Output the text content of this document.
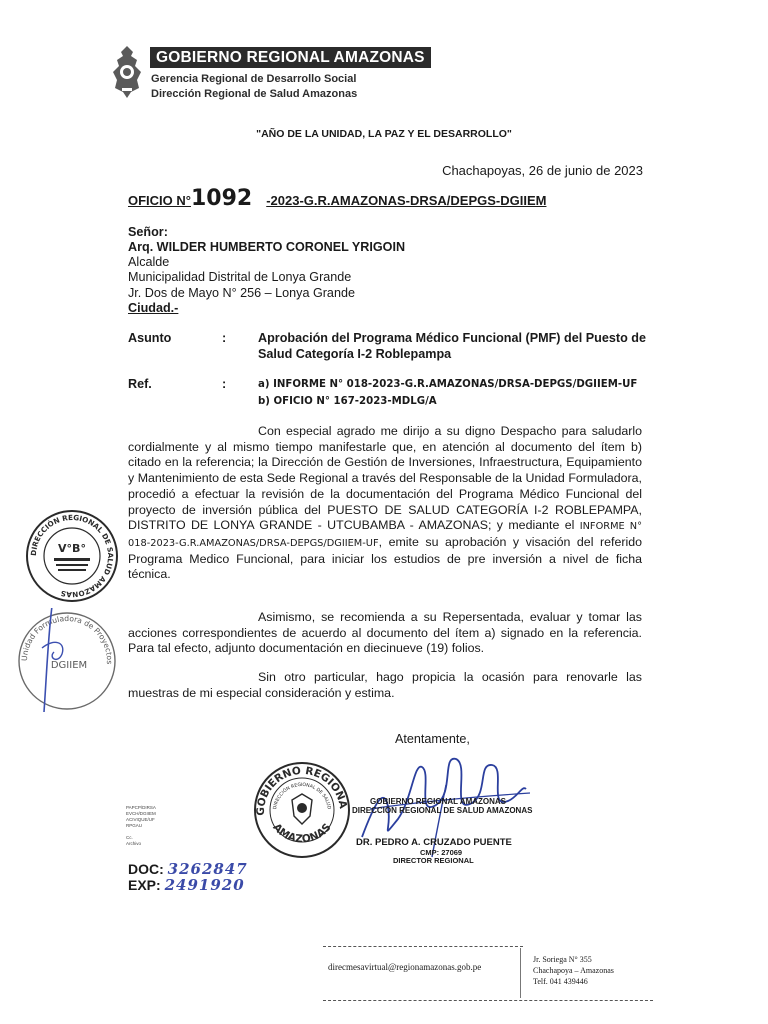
GOBIERNO REGIONAL AMAZONAS
Gerencia Regional de Desarrollo Social
Dirección Regional de Salud Amazonas
"AÑO DE LA UNIDAD, LA PAZ Y EL DESARROLLO"
Chachapoyas, 26 de junio de 2023
OFICIO N°1092 -2023-G.R.AMAZONAS-DRSA/DEPGS-DGIIEM
Señor:
Arq. WILDER HUMBERTO CORONEL YRIGOIN
Alcalde
Municipalidad Distrital de Lonya Grande
Jr. Dos de Mayo N° 256 – Lonya Grande
Ciudad.-
Asunto	:	Aprobación del Programa Médico Funcional (PMF) del Puesto de Salud Categoría I-2 Roblepampa
Ref.	:	a) INFORME N° 018-2023-G.R.AMAZONAS/DRSA-DEPGS/DGIIEM-UF
b) OFICIO N° 167-2023-MDLG/A
Con especial agrado me dirijo a su digno Despacho para saludarlo cordialmente y al mismo tiempo manifestarle que, en atención al documento del ítem b) citado en la referencia; la Dirección de Gestión de Inversiones, Infraestructura, Equipamiento y Mantenimiento de esta Sede Regional a través del Responsable de la Unidad Formuladora, procedió a efectuar la revisión de la documentación del Programa Médico Funcional del proyecto de inversión pública del PUESTO DE SALUD CATEGORÍA I-2 ROBLEPAMPA, DISTRITO DE LONYA GRANDE - UTCUBAMBA - AMAZONAS; y mediante el INFORME N° 018-2023-G.R.AMAZONAS/DRSA-DEPGS/DGIIEM-UF, emite su aprobación y visación del referido Programa Medico Funcional, para iniciar los estudios de pre inversión a nivel de ficha técnica.
Asimismo, se recomienda a su Repersentada, evaluar y tomar las acciones correspondientes de acuerdo al documento del ítem a) signado en la referencia. Para tal efecto, adjunto documentación en diecinueve (19) folios.
Sin otro particular, hago propicia la ocasión para renovarle las muestras de mi especial consideración y estima.
Atentamente,
DIRECCIÓN REGIONAL DE SALUD AMAZONAS
V°B°
Unidad Formuladora de Proyectos
DGIIEM
GOBIERNO REGIONA
DIRECCIÓN REGIONAL DE SALUD
AMAZONAS
GOBIERNO REGIONAL AMAZONAS
DIRECCIÓN REGIONAL DE SALUD AMAZONAS
DR. PEDRO A. CRUZADO PUENTE
CMP: 27069
DIRECTOR REGIONAL
PAPCP/DIRSA
EVCH/DGIIEM
ACIVIQUE/UF
RPGAU
Cc.
Archivo
DOC: 3262847
EXP: 2491920
direcmesavirtual@regionamazonas.gob.pe
Jr. Soriega N° 355
Chachapoya – Amazonas
Telf. 041 439446
